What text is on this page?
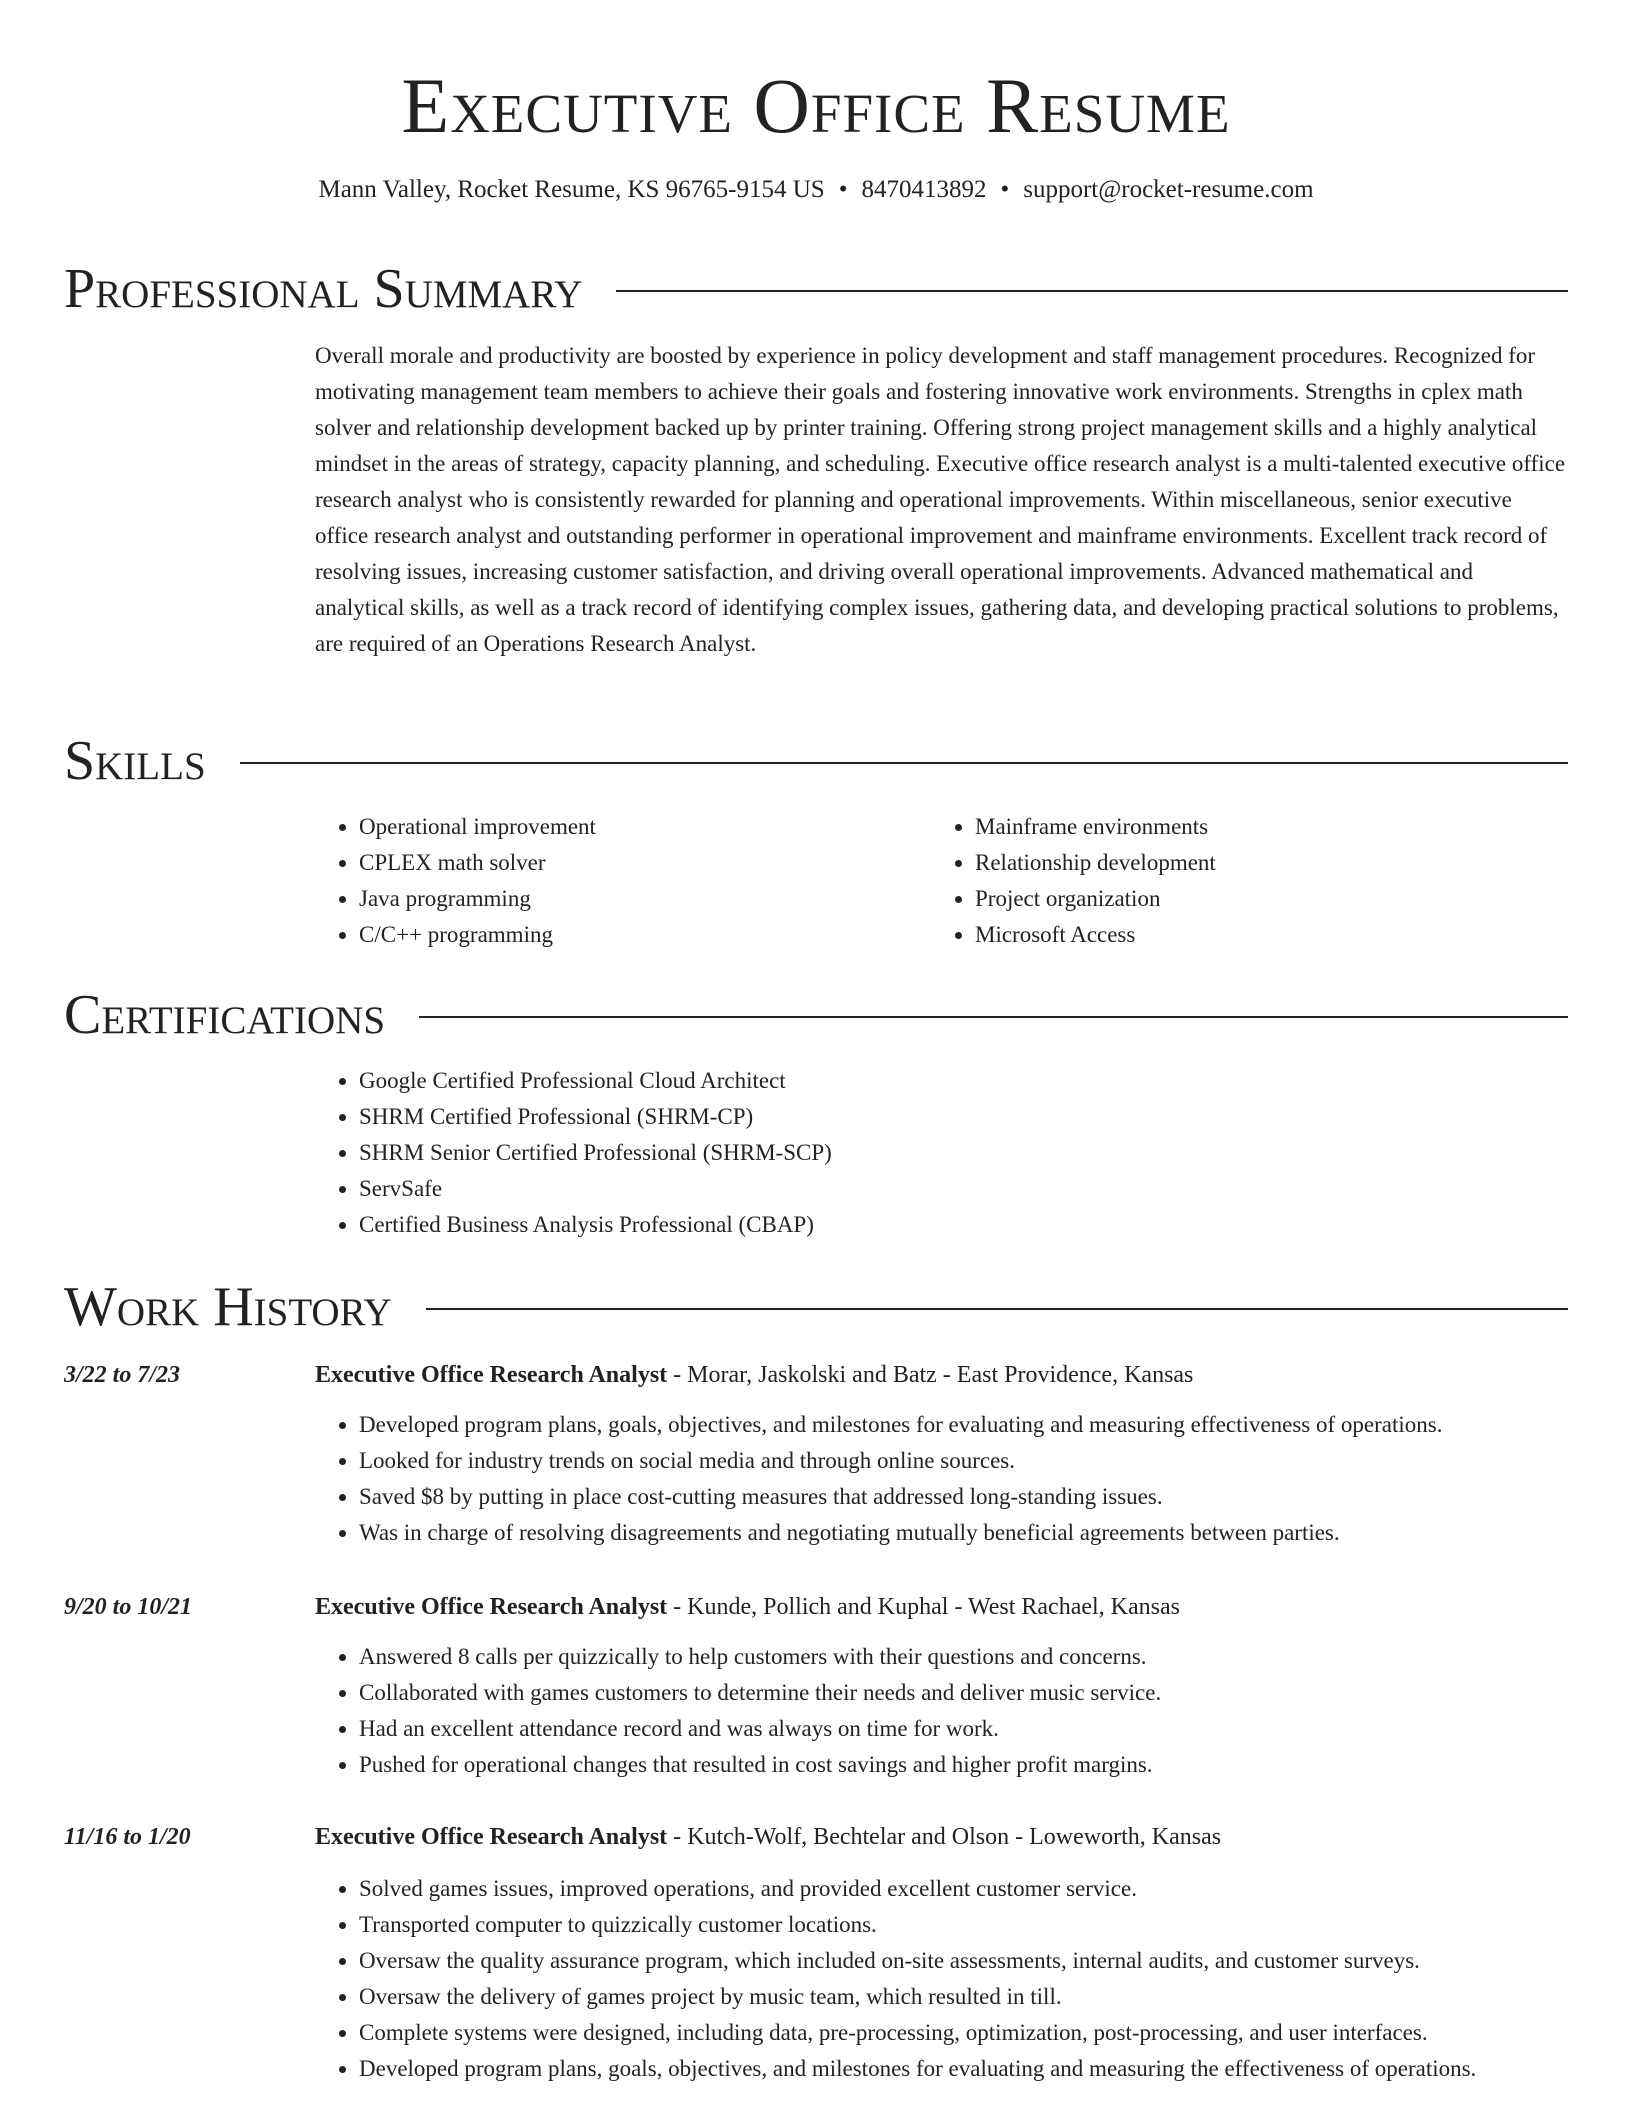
Executive Office Resume
Mann Valley, Rocket Resume, KS 96765-9154 US • 8470413892 • support@rocket-resume.com
Professional Summary
Overall morale and productivity are boosted by experience in policy development and staff management procedures. Recognized for motivating management team members to achieve their goals and fostering innovative work environments. Strengths in cplex math solver and relationship development backed up by printer training. Offering strong project management skills and a highly analytical mindset in the areas of strategy, capacity planning, and scheduling. Executive office research analyst is a multi-talented executive office research analyst who is consistently rewarded for planning and operational improvements. Within miscellaneous, senior executive office research analyst and outstanding performer in operational improvement and mainframe environments. Excellent track record of resolving issues, increasing customer satisfaction, and driving overall operational improvements. Advanced mathematical and analytical skills, as well as a track record of identifying complex issues, gathering data, and developing practical solutions to problems, are required of an Operations Research Analyst.
Skills
• Operational improvement
• CPLEX math solver
• Java programming
• C/C++ programming
• Mainframe environments
• Relationship development
• Project organization
• Microsoft Access
Certifications
• Google Certified Professional Cloud Architect
• SHRM Certified Professional (SHRM-CP)
• SHRM Senior Certified Professional (SHRM-SCP)
• ServSafe
• Certified Business Analysis Professional (CBAP)
Work History
3/22 to 7/23	Executive Office Research Analyst - Morar, Jaskolski and Batz - East Providence, Kansas
• Developed program plans, goals, objectives, and milestones for evaluating and measuring effectiveness of operations.
• Looked for industry trends on social media and through online sources.
• Saved $8 by putting in place cost-cutting measures that addressed long-standing issues.
• Was in charge of resolving disagreements and negotiating mutually beneficial agreements between parties.
9/20 to 10/21	Executive Office Research Analyst - Kunde, Pollich and Kuphal - West Rachael, Kansas
• Answered 8 calls per quizzically to help customers with their questions and concerns.
• Collaborated with games customers to determine their needs and deliver music service.
• Had an excellent attendance record and was always on time for work.
• Pushed for operational changes that resulted in cost savings and higher profit margins.
11/16 to 1/20	Executive Office Research Analyst - Kutch-Wolf, Bechtelar and Olson - Loweworth, Kansas
• Solved games issues, improved operations, and provided excellent customer service.
• Transported computer to quizzically customer locations.
• Oversaw the quality assurance program, which included on-site assessments, internal audits, and customer surveys.
• Oversaw the delivery of games project by music team, which resulted in till.
• Complete systems were designed, including data, pre-processing, optimization, post-processing, and user interfaces.
• Developed program plans, goals, objectives, and milestones for evaluating and measuring the effectiveness of operations.
